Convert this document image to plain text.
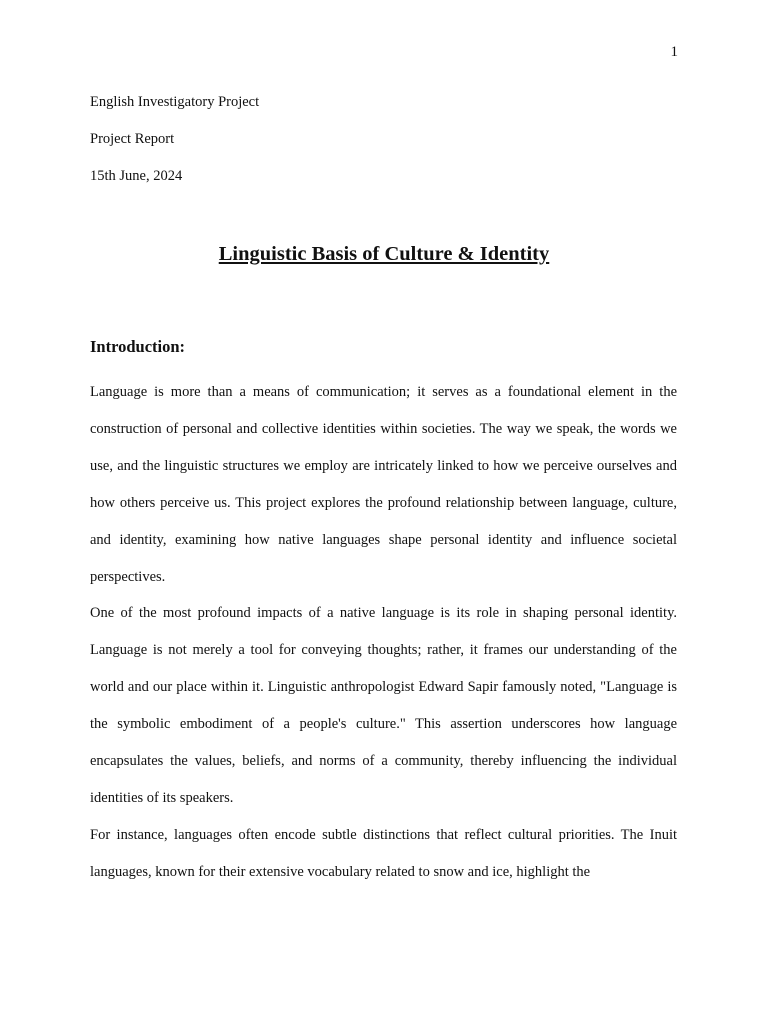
1
English Investigatory Project
Project Report
15th June, 2024
Linguistic Basis of Culture & Identity
Introduction:

Language is more than a means of communication; it serves as a foundational element in the construction of personal and collective identities within societies. The way we speak, the words we use, and the linguistic structures we employ are intricately linked to how we perceive ourselves and how others perceive us. This project explores the profound relationship between language, culture, and identity, examining how native languages shape personal identity and influence societal perspectives.

One of the most profound impacts of a native language is its role in shaping personal identity. Language is not merely a tool for conveying thoughts; rather, it frames our understanding of the world and our place within it. Linguistic anthropologist Edward Sapir famously noted, "Language is the symbolic embodiment of a people's culture." This assertion underscores how language encapsulates the values, beliefs, and norms of a community, thereby influencing the individual identities of its speakers.

For instance, languages often encode subtle distinctions that reflect cultural priorities. The Inuit languages, known for their extensive vocabulary related to snow and ice, highlight the
